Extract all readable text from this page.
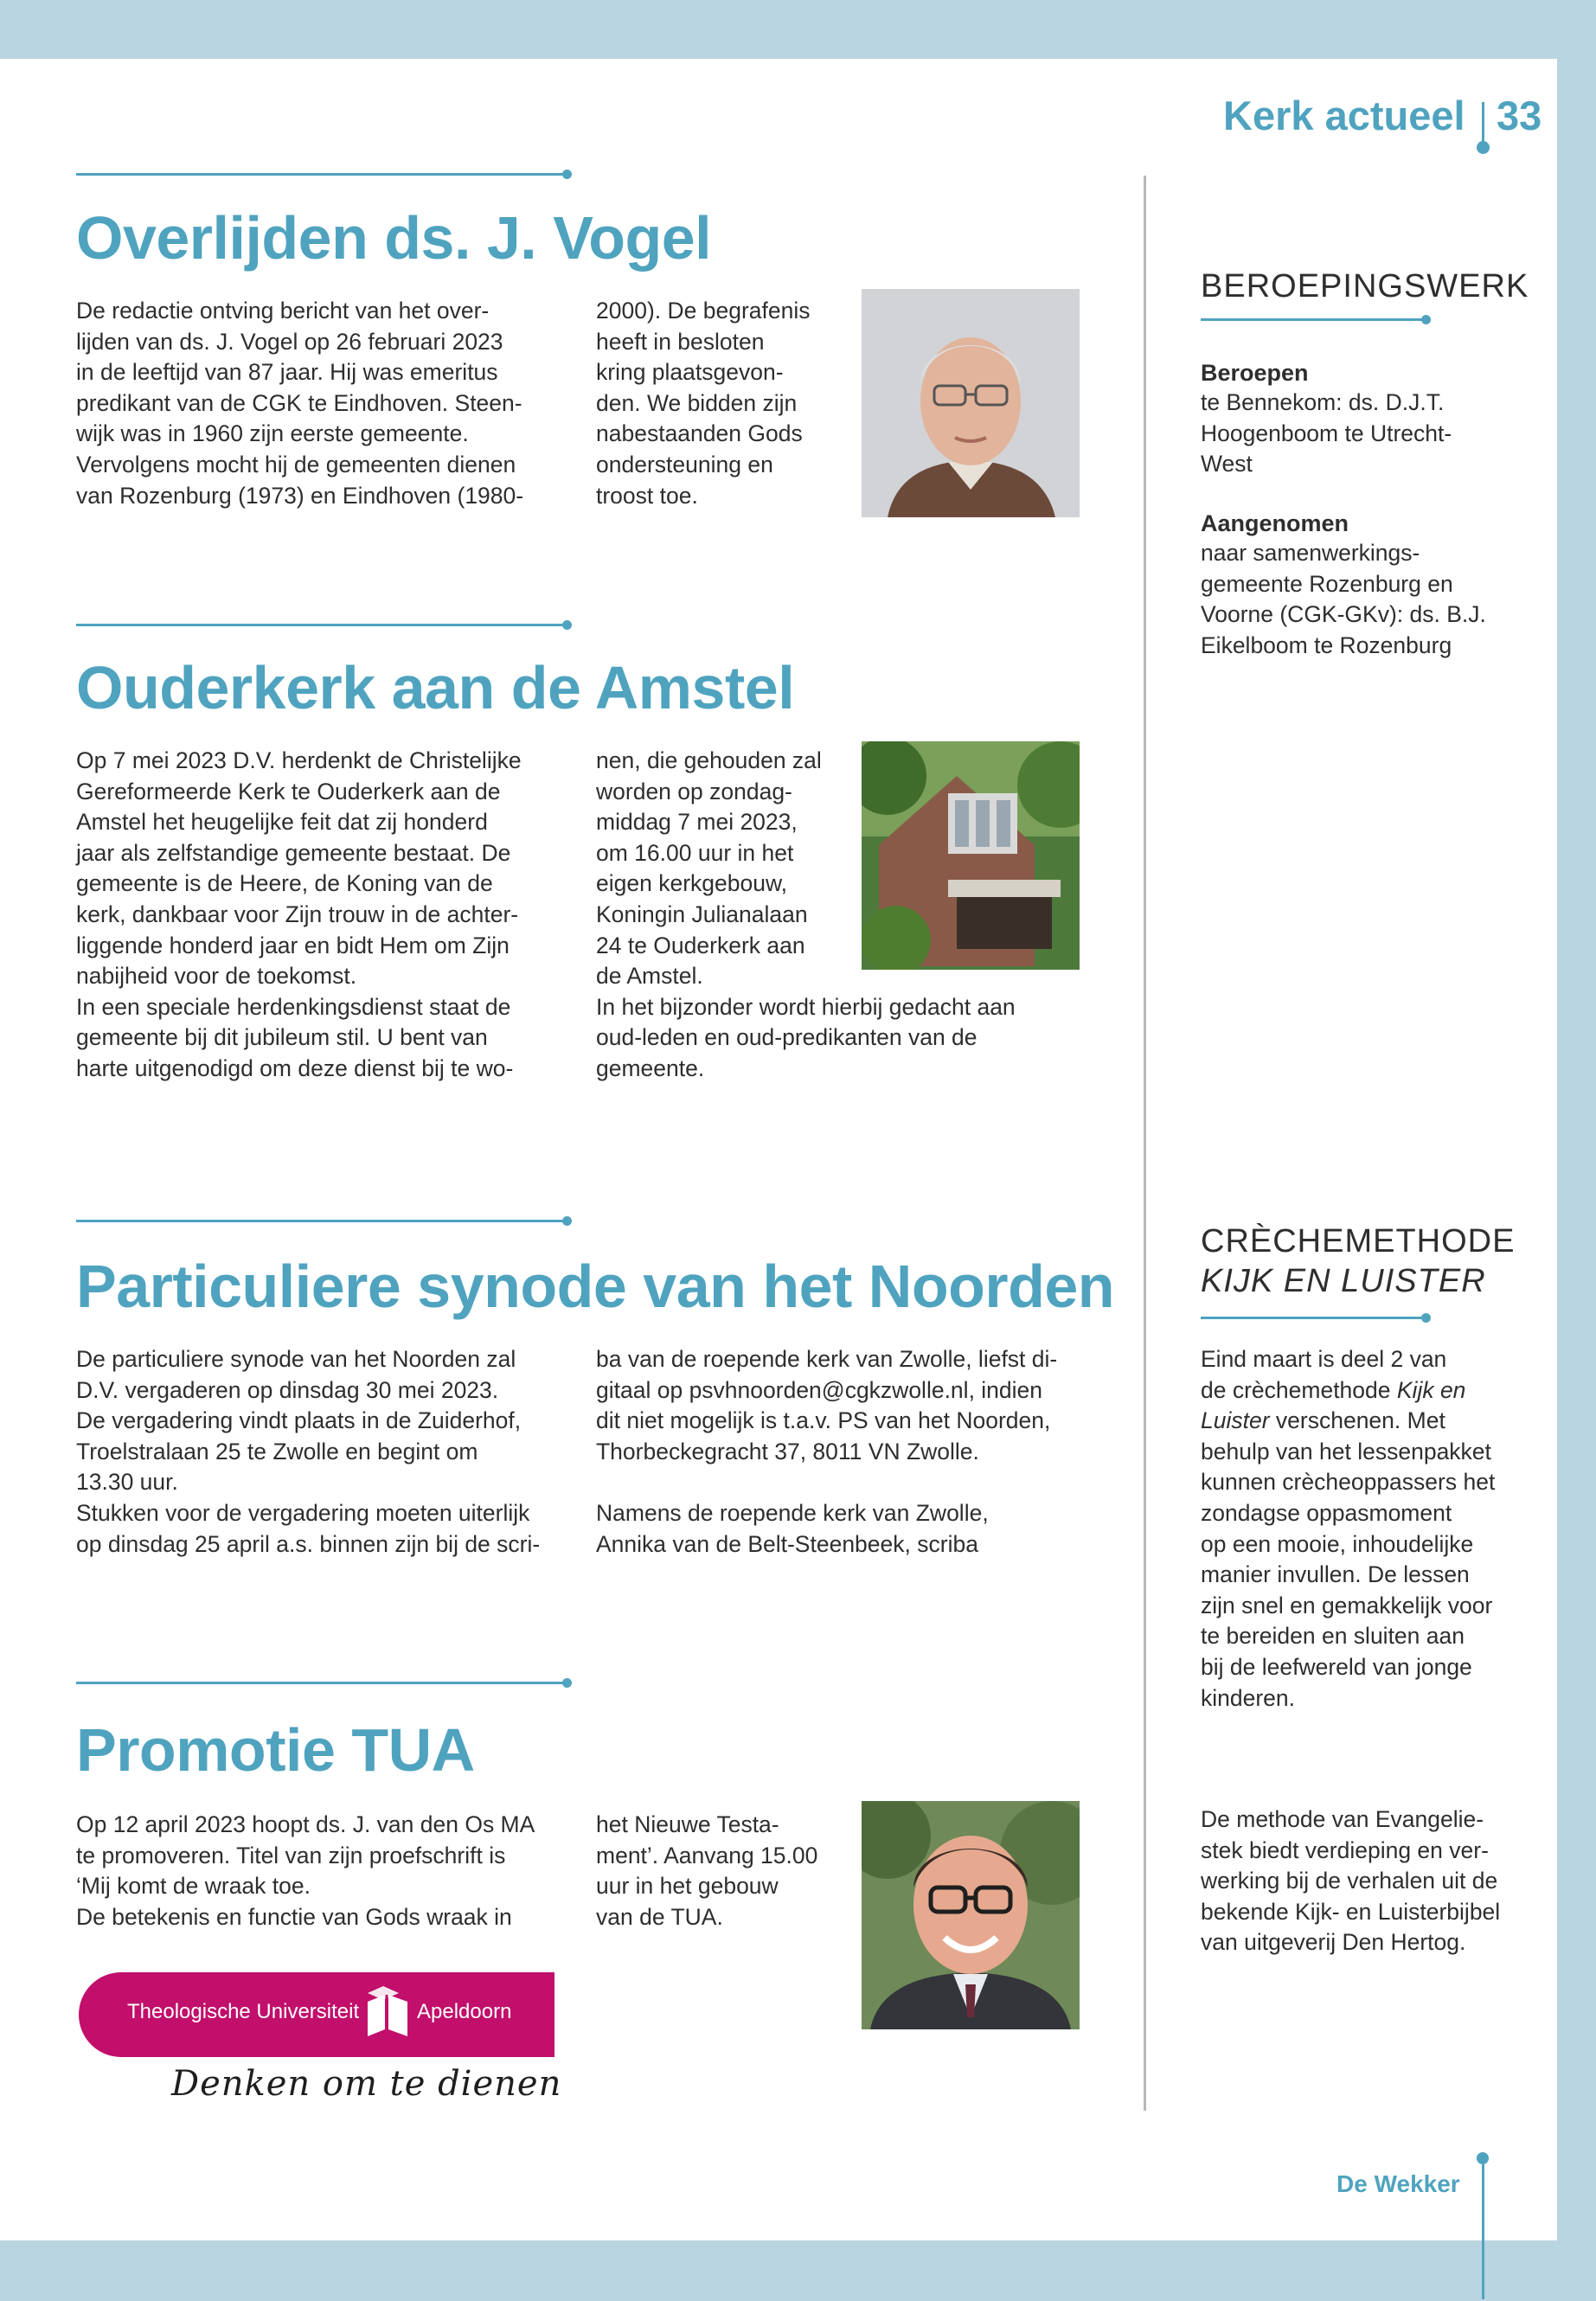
Kerk actueel 33
Overlijden ds. J. Vogel
De redactie ontving bericht van het over-
lijden van ds. J. Vogel op 26 februari 2023
in de leeftijd van 87 jaar. Hij was emeritus
predikant van de CGK te Eindhoven. Steen-
wijk was in 1960 zijn eerste gemeente.
Vervolgens mocht hij de gemeenten dienen
van Rozenburg (1973) en Eindhoven (1980-
2000). De begrafenis
heeft in besloten
kring plaatsgevon-
den. We bidden zijn
nabestaanden Gods
ondersteuning en
troost toe.
Ouderkerk aan de Amstel
Op 7 mei 2023 D.V. herdenkt de Christelijke
Gereformeerde Kerk te Ouderkerk aan de
Amstel het heugelijke feit dat zij honderd
jaar als zelfstandige gemeente bestaat. De
gemeente is de Heere, de Koning van de
kerk, dankbaar voor Zijn trouw in de achter-
liggende honderd jaar en bidt Hem om Zijn
nabijheid voor de toekomst.
In een speciale herdenkingsdienst staat de
gemeente bij dit jubileum stil. U bent van
harte uitgenodigd om deze dienst bij te wo-
nen, die gehouden zal
worden op zondag-
middag 7 mei 2023,
om 16.00 uur in het
eigen kerkgebouw,
Koningin Julianalaan
24 te Ouderkerk aan
de Amstel.
In het bijzonder wordt hierbij gedacht aan
oud-leden en oud-predikanten van de
gemeente.
Particuliere synode van het Noorden
De particuliere synode van het Noorden zal
D.V. vergaderen op dinsdag 30 mei 2023.
De vergadering vindt plaats in de Zuiderhof,
Troelstralaan 25 te Zwolle en begint om
13.30 uur.
Stukken voor de vergadering moeten uiterlijk
op dinsdag 25 april a.s. binnen zijn bij de scri-
ba van de roepende kerk van Zwolle, liefst di-
gitaal op psvhnoorden@cgkzwolle.nl, indien
dit niet mogelijk is t.a.v. PS van het Noorden,
Thorbeckegracht 37, 8011 VN Zwolle.

Namens de roepende kerk van Zwolle,
Annika van de Belt-Steenbeek, scriba
Promotie TUA
Op 12 april 2023 hoopt ds. J. van den Os MA
te promoveren. Titel van zijn proefschrift is
‘Mij komt de wraak toe.
De betekenis en functie van Gods wraak in
het Nieuwe Testa-
ment’. Aanvang 15.00
uur in het gebouw
van de TUA.
Theologische Universiteit	Apeldoorn
Denken om te dienen
BEROEPINGSWERK
Beroepen
te Bennekom: ds. D.J.T.
Hoogenboom te Utrecht-
West
Aangenomen
naar samenwerkings-
gemeente Rozenburg en
Voorne (CGK-GKv): ds. B.J.
Eikelboom te Rozenburg
CRÈCHEMETHODE
KIJK EN LUISTER
Eind maart is deel 2 van
de crèchemethode Kijk en
Luister verschenen. Met
behulp van het lessenpakket
kunnen crècheoppassers het
zondagse oppasmoment
op een mooie, inhoudelijke
manier invullen. De lessen
zijn snel en gemakkelijk voor
te bereiden en sluiten aan
bij de leefwereld van jonge
kinderen.
De methode van Evangelie-
stek biedt verdieping en ver-
werking bij de verhalen uit de
bekende Kijk- en Luisterbijbel
van uitgeverij Den Hertog.
De Wekker
